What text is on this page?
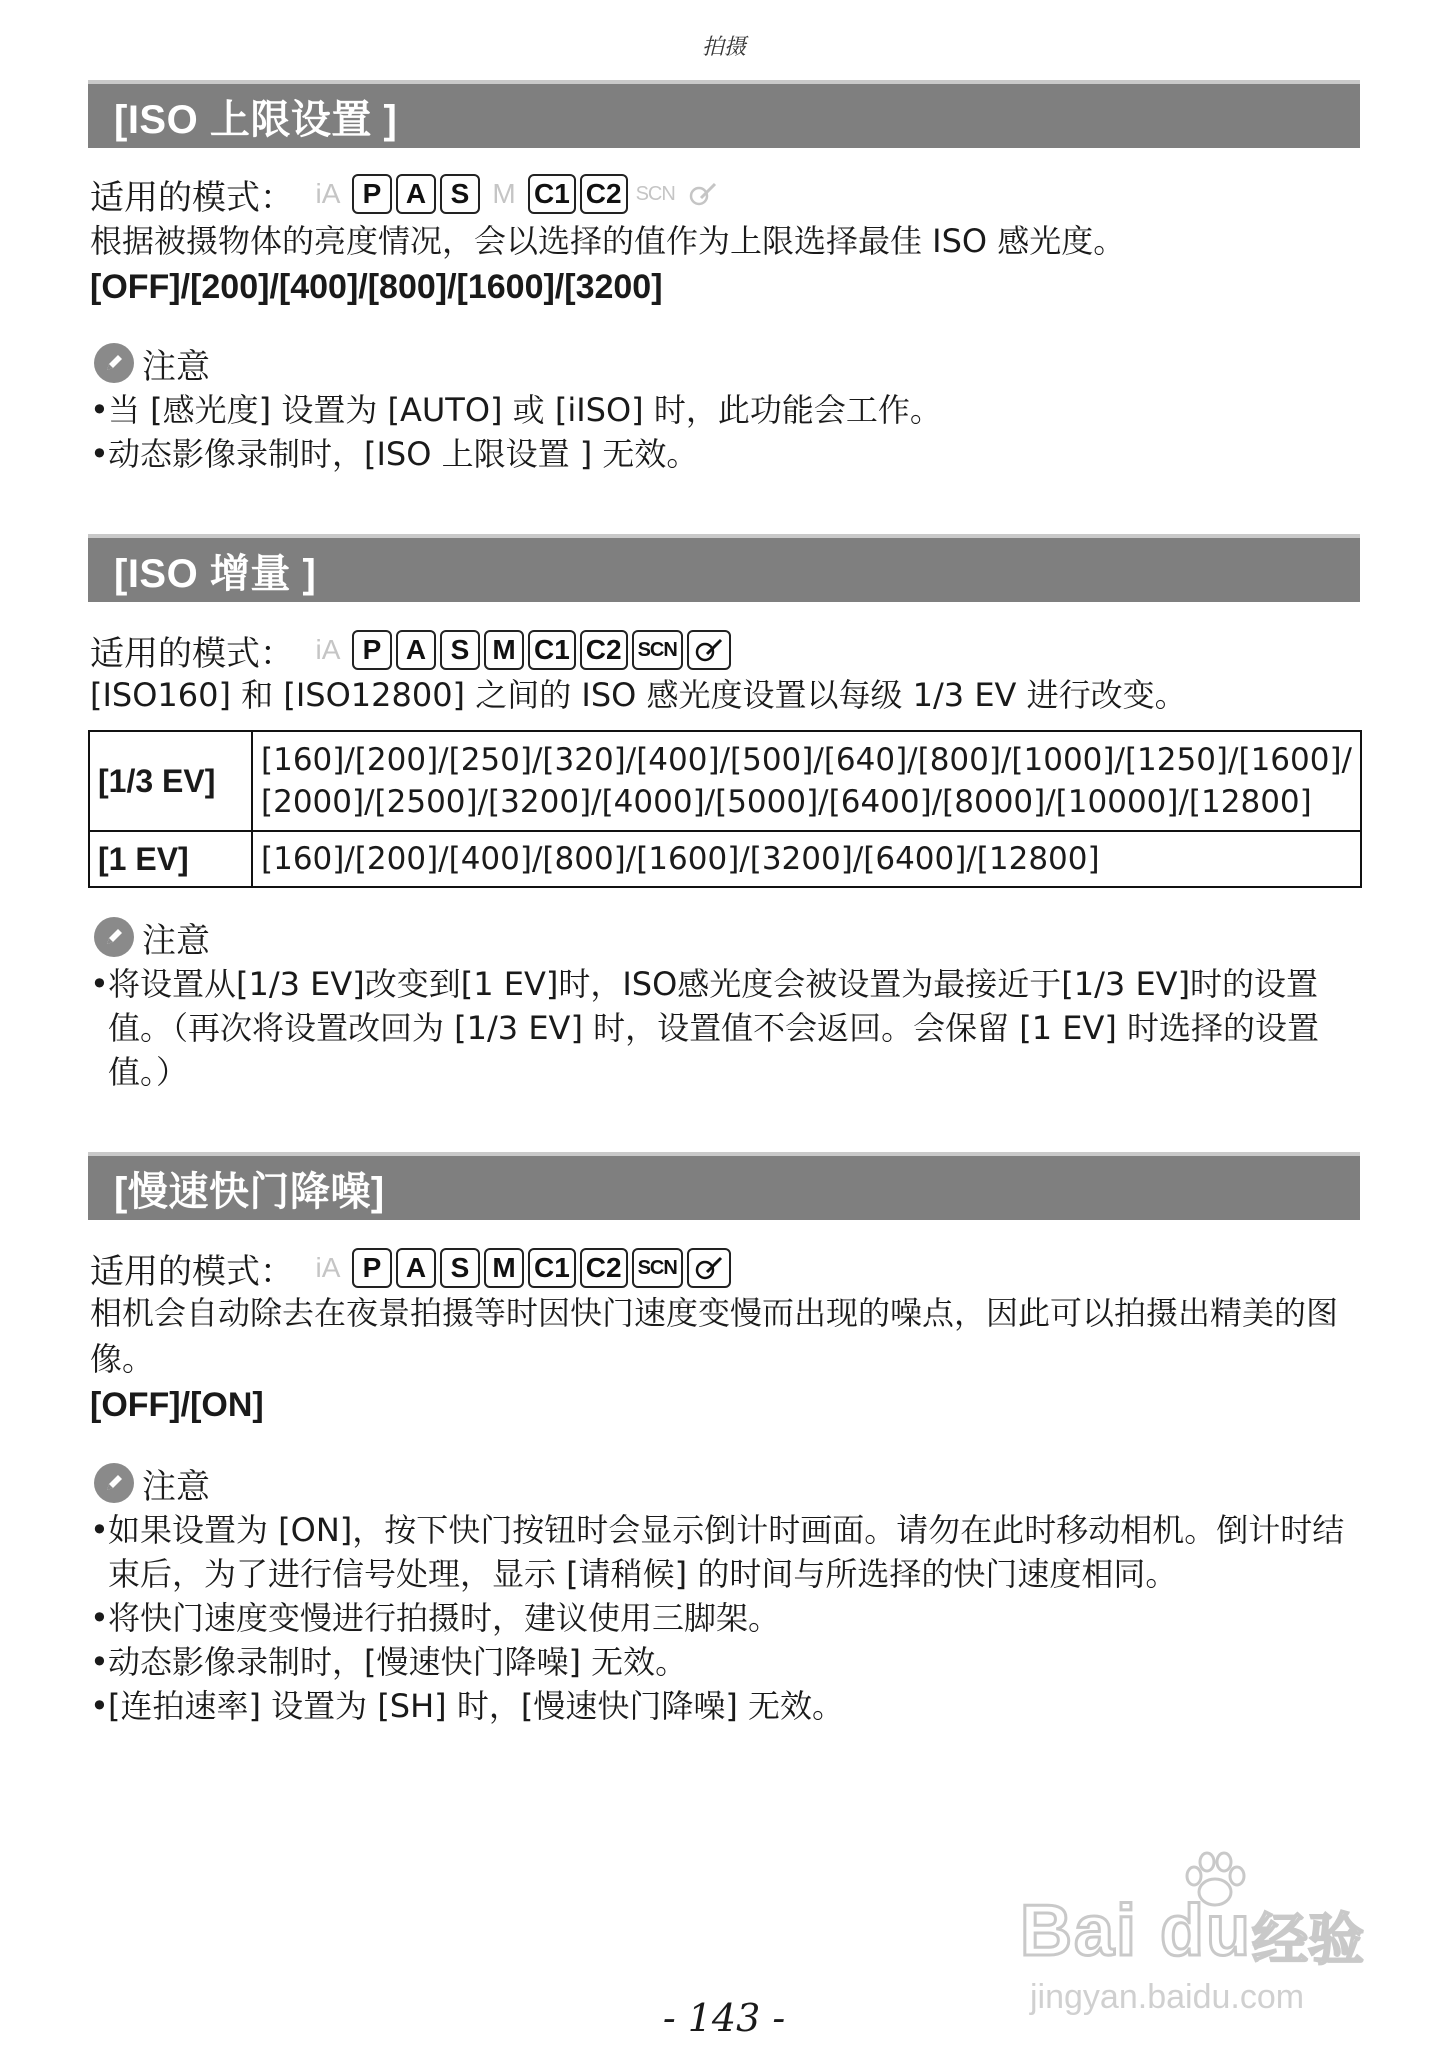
拍摄
[ISO 上限设置 ]
适用的模式： iA P A S M C1 C2 SCN
根据被摄物体的亮度情况，会以选择的值作为上限选择最佳 ISO 感光度。
[OFF]/[200]/[400]/[800]/[1600]/[3200]
注意
• 当 [感光度] 设置为 [AUTO] 或 [iISO] 时，此功能会工作。
• 动态影像录制时，[ISO 上限设置 ] 无效。
[ISO 增量 ]
适用的模式： iA P A S M C1 C2 SCN
[ISO160] 和 [ISO12800] 之间的 ISO 感光度设置以每级 1/3 EV 进行改变。
[1/3 EV]	[160]/[200]/[250]/[320]/[400]/[500]/[640]/[800]/[1000]/[1250]/[1600]/
[2000]/[2500]/[3200]/[4000]/[5000]/[6400]/[8000]/[10000]/[12800]

[1 EV]	[160]/[200]/[400]/[800]/[1600]/[3200]/[6400]/[12800]
注意
• 将设置从[1/3 EV]改变到[1 EV]时，ISO感光度会被设置为最接近于[1/3 EV]时的设置值。（再次将设置改回为 [1/3 EV] 时，设置值不会返回。会保留 [1 EV] 时选择的设置值。）
[慢速快门降噪]
适用的模式： iA P A S M C1 C2 SCN
相机会自动除去在夜景拍摄等时因快门速度变慢而出现的噪点，因此可以拍摄出精美的图像。
[OFF]/[ON]
注意
• 如果设置为 [ON]，按下快门按钮时会显示倒计时画面。请勿在此时移动相机。倒计时结束后，为了进行信号处理，显示 [请稍候] 的时间与所选择的快门速度相同。
• 将快门速度变慢进行拍摄时，建议使用三脚架。
• 动态影像录制时，[慢速快门降噪] 无效。
• [连拍速率] 设置为 [SH] 时，[慢速快门降噪] 无效。
Bai du 经验
jingyan.baidu.com
- 143 -
